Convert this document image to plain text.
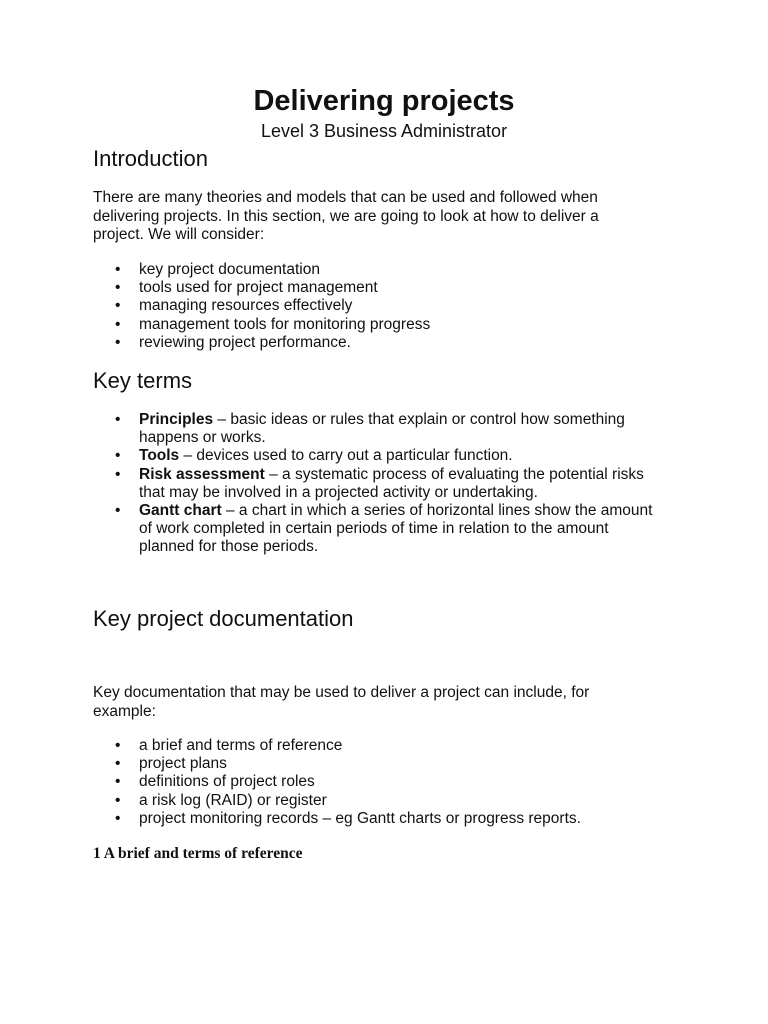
Delivering projects
Level 3 Business Administrator
Introduction

There are many theories and models that can be used and followed when delivering projects. In this section, we are going to look at how to deliver a project. We will consider:

• key project documentation
• tools used for project management
• managing resources effectively
• management tools for monitoring progress
• reviewing project performance.
Key terms
• Principles – basic ideas or rules that explain or control how something happens or works.
• Tools – devices used to carry out a particular function.
• Risk assessment – a systematic process of evaluating the potential risks that may be involved in a projected activity or undertaking.
• Gantt chart – a chart in which a series of horizontal lines show the amount of work completed in certain periods of time in relation to the amount planned for those periods.
Key project documentation

Key documentation that may be used to deliver a project can include, for example:

• a brief and terms of reference
• project plans
• definitions of project roles
• a risk log (RAID) or register
• project monitoring records – eg Gantt charts or progress reports.
1 A brief and terms of reference
